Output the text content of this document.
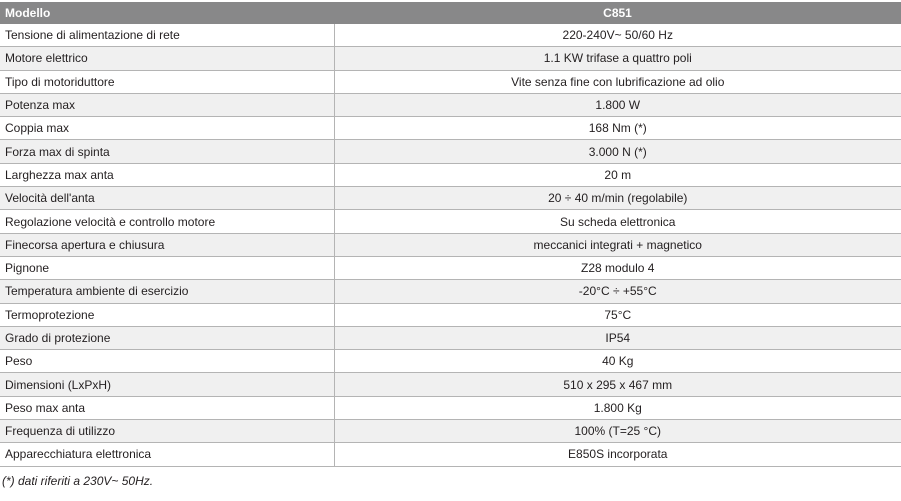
Modello	C851
Tensione di alimentazione di rete	220-240V~ 50/60 Hz
Motore elettrico	1.1 KW trifase a quattro poli
Tipo di motoriduttore	Vite senza fine con lubrificazione ad olio
Potenza max	1.800 W
Coppia max	168 Nm (*)
Forza max di spinta	3.000 N (*)
Larghezza max anta	20 m
Velocità dell'anta	20 ÷ 40 m/min (regolabile)
Regolazione velocità e controllo motore	Su scheda elettronica
Finecorsa apertura e chiusura	meccanici integrati + magnetico
Pignone	Z28 modulo 4
Temperatura ambiente di esercizio	-20°C ÷ +55°C
Termoprotezione	75°C
Grado di protezione	IP54
Peso	40 Kg
Dimensioni (LxPxH)	510 x 295 x 467 mm
Peso max anta	1.800 Kg
Frequenza di utilizzo	100% (T=25 °C)
Apparecchiatura elettronica	E850S incorporata
(*) dati riferiti a 230V~ 50Hz.
